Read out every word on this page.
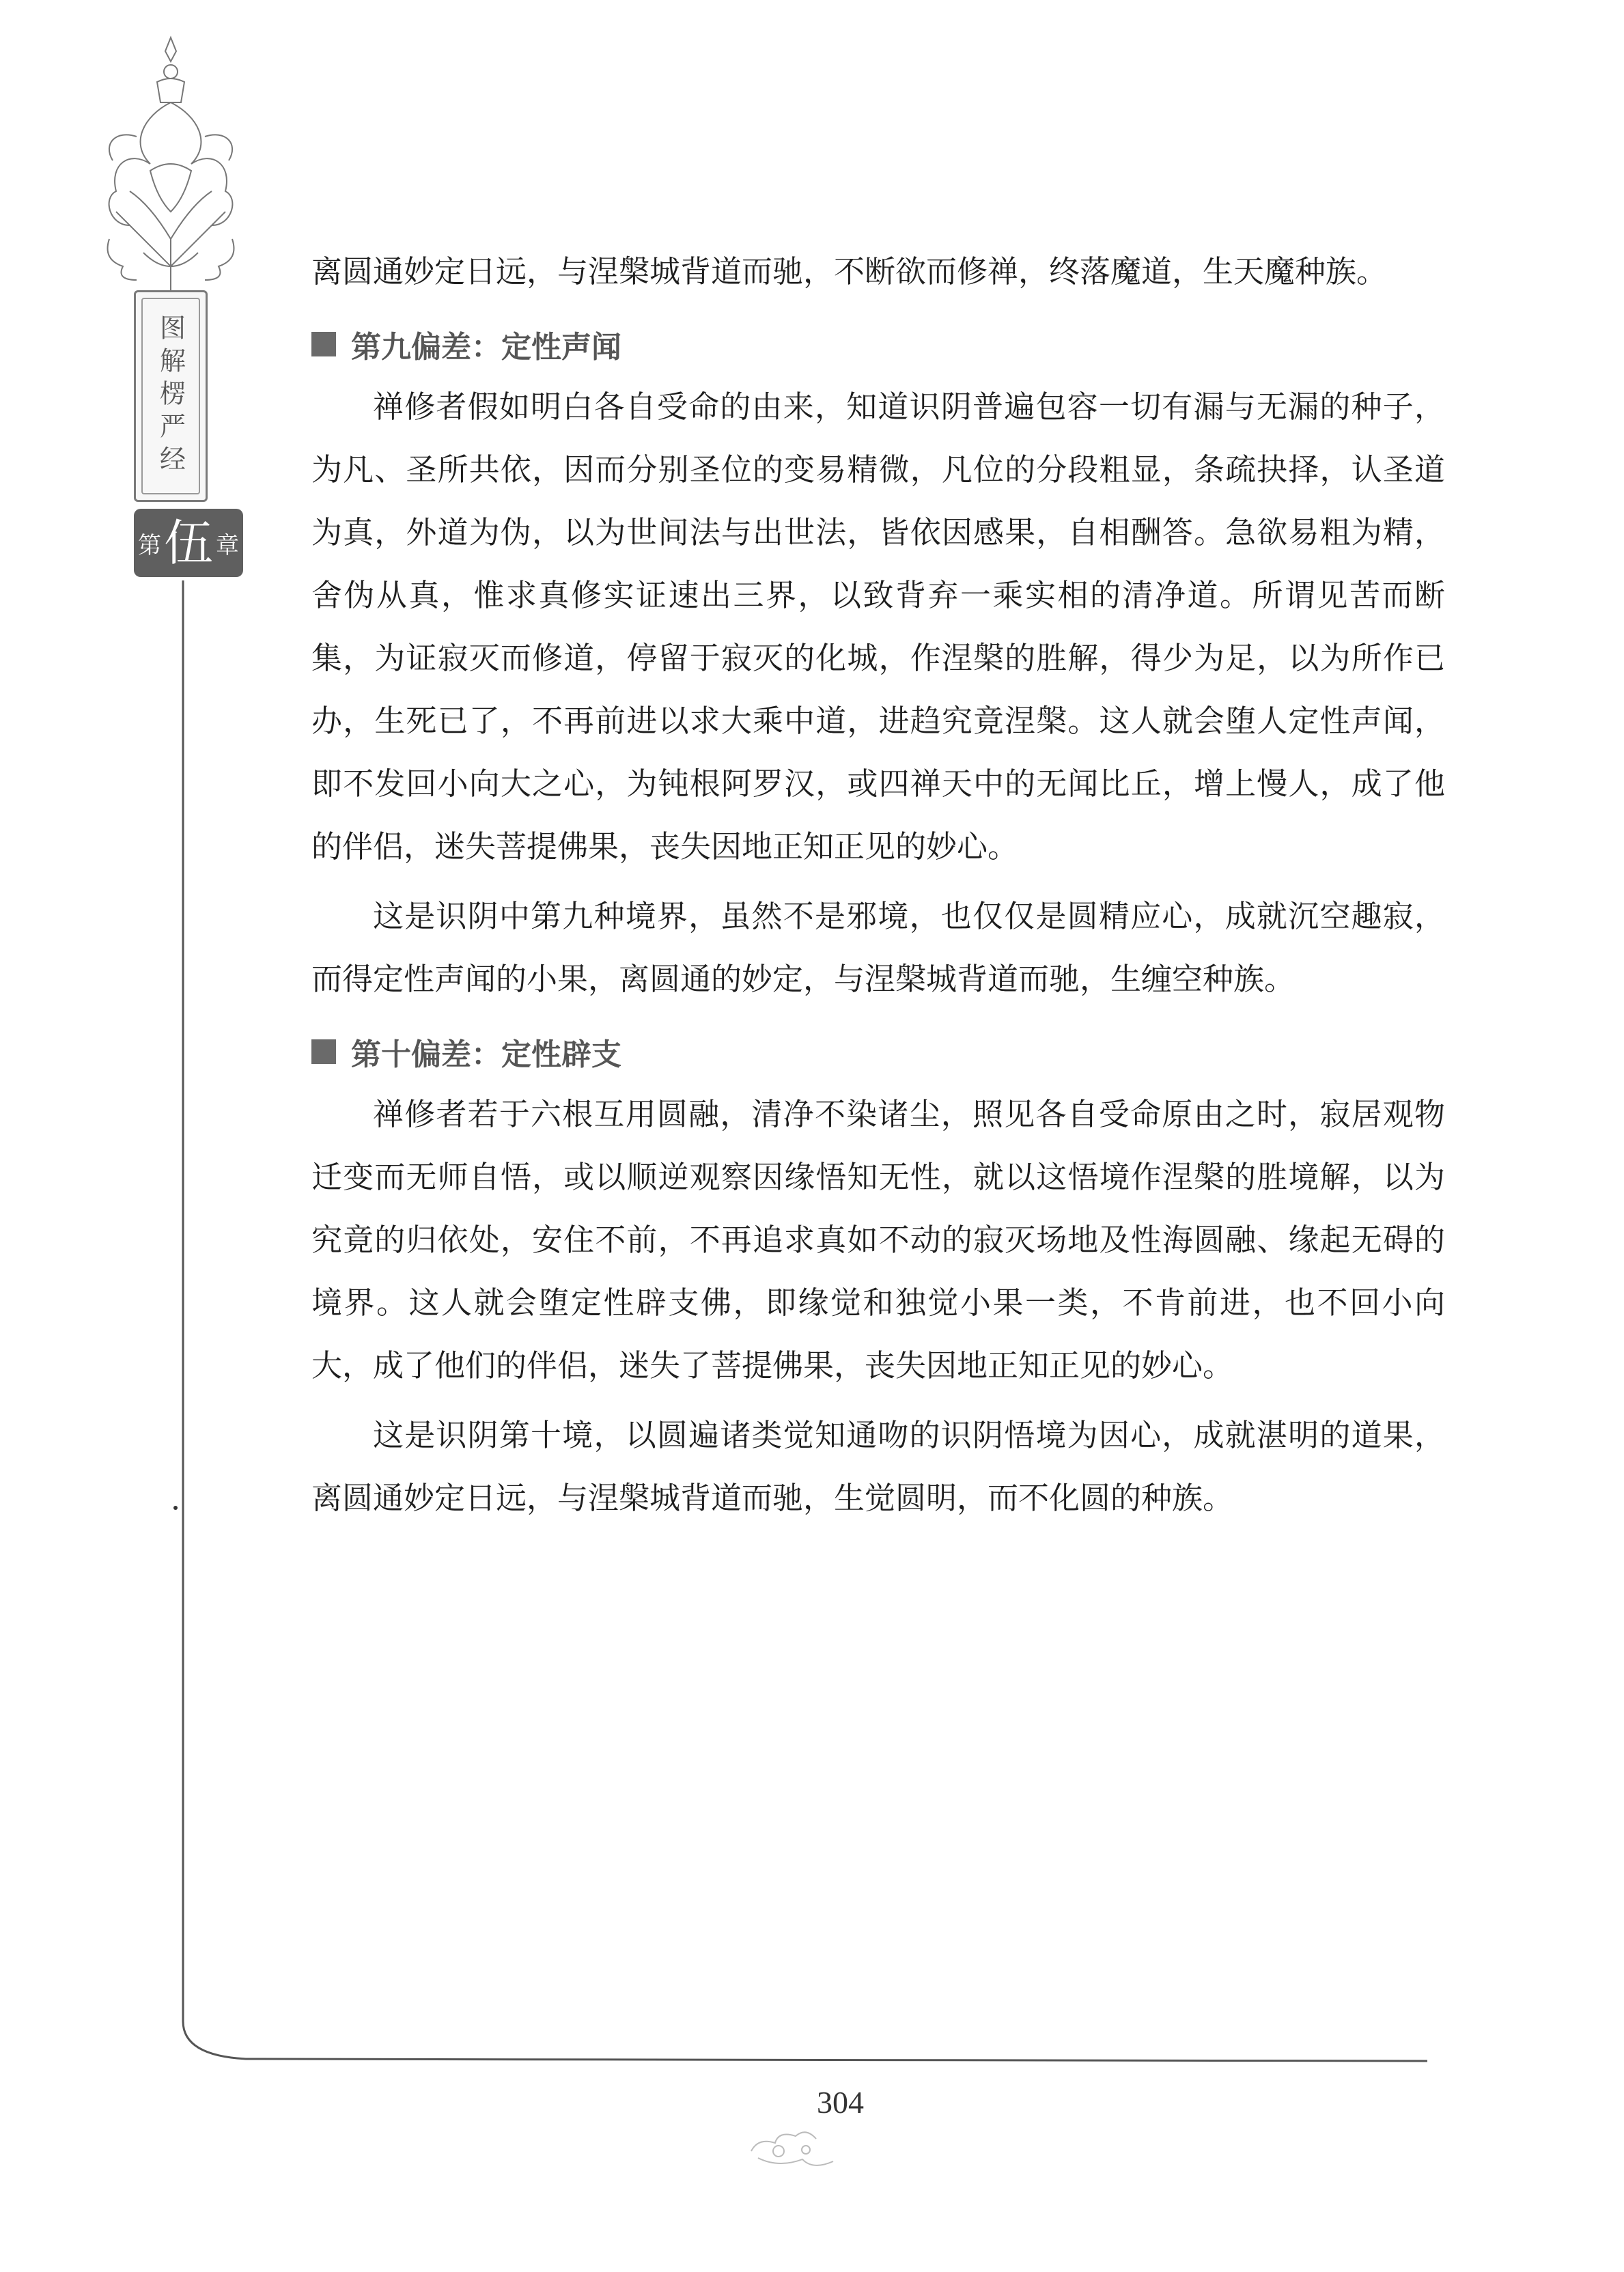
图解楞严经
第 伍 章

离圆通妙定日远，与涅槃城背道而驰，不断欲而修禅，终落魔道，生天魔种族。

第九偏差：定性声闻

禅修者假如明白各自受命的由来，知道识阴普遍包容一切有漏与无漏的种子，为凡、圣所共依，因而分别圣位的变易精微，凡位的分段粗显，条疏抉择，认圣道为真，外道为伪，以为世间法与出世法，皆依因感果，自相酬答。急欲易粗为精，舍伪从真，惟求真修实证速出三界，以致背弃一乘实相的清净道。所谓见苦而断集，为证寂灭而修道，停留于寂灭的化城，作涅槃的胜解，得少为足，以为所作已办，生死已了，不再前进以求大乘中道，进趋究竟涅槃。这人就会堕人定性声闻，即不发回小向大之心，为钝根阿罗汉，或四禅天中的无闻比丘，增上慢人，成了他的伴侣，迷失菩提佛果，丧失因地正知正见的妙心。

这是识阴中第九种境界，虽然不是邪境，也仅仅是圆精应心，成就沉空趣寂，而得定性声闻的小果，离圆通的妙定，与涅槃城背道而驰，生缠空种族。

第十偏差：定性辟支

禅修者若于六根互用圆融，清净不染诸尘，照见各自受命原由之时，寂居观物迁变而无师自悟，或以顺逆观察因缘悟知无性，就以这悟境作涅槃的胜境解，以为究竟的归依处，安住不前，不再追求真如不动的寂灭场地及性海圆融、缘起无碍的境界。这人就会堕定性辟支佛，即缘觉和独觉小果一类，不肯前进，也不回小向大，成了他们的伴侣，迷失了菩提佛果，丧失因地正知正见的妙心。

这是识阴第十境，以圆遍诸类觉知通吻的识阴悟境为因心，成就湛明的道果，离圆通妙定日远，与涅槃城背道而驰，生觉圆明，而不化圆的种族。

304
